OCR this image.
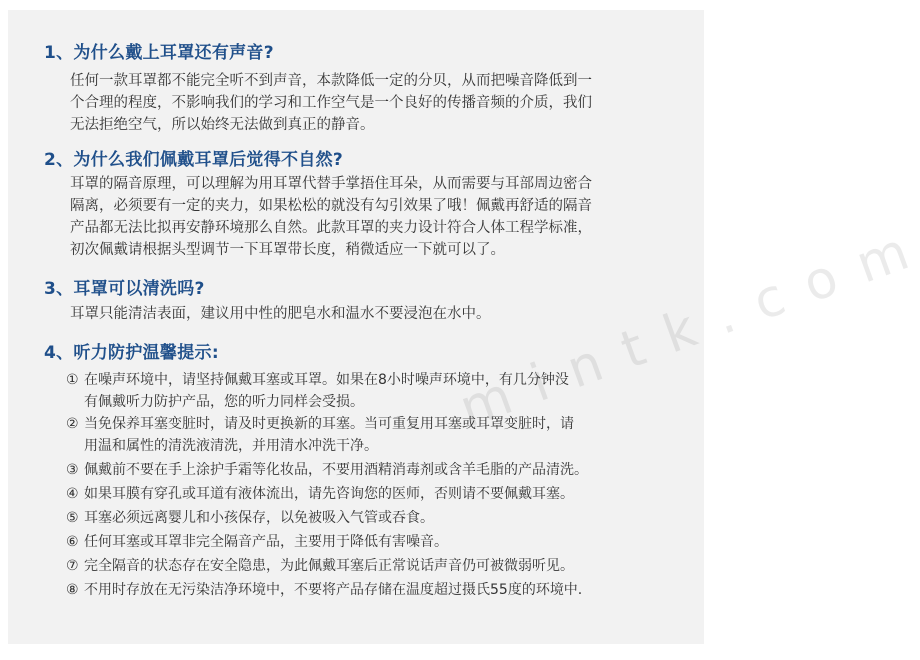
m i n t k . c o m
1、为什么戴上耳罩还有声音?

任何一款耳罩都不能完全听不到声音，本款降低一定的分贝，从而把噪音降低到一

个合理的程度，不影响我们的学习和工作空气是一个良好的传播音频的介质，我们

无法拒绝空气，所以始终无法做到真正的静音。

2、为什么我们佩戴耳罩后觉得不自然?

耳罩的隔音原理，可以理解为用耳罩代替手掌捂住耳朵，从而需要与耳部周边密合

隔离，必须要有一定的夹力，如果松松的就没有勾引效果了哦！佩戴再舒适的隔音

产品都无法比拟再安静环境那么自然。此款耳罩的夹力设计符合人体工程学标准，

初次佩戴请根据头型调节一下耳罩带长度，稍微适应一下就可以了。

3、耳罩可以清洗吗?

耳罩只能清洁表面，建议用中性的肥皂水和温水不要浸泡在水中。

4、听力防护温馨提示:

① 在噪声环境中，请坚持佩戴耳塞或耳罩。如果在8小时噪声环境中，有几分钟没

有佩戴听力防护产品，您的听力同样会受损。

② 当免保养耳塞变脏时，请及时更换新的耳塞。当可重复用耳塞或耳罩变脏时，请

用温和属性的清洗液清洗，并用清水冲洗干净。

③ 佩戴前不要在手上涂护手霜等化妆品，不要用酒精消毒剂或含羊毛脂的产品清洗。

④ 如果耳膜有穿孔或耳道有液体流出，请先咨询您的医师，否则请不要佩戴耳塞。

⑤ 耳塞必须远离婴儿和小孩保存，以免被吸入气管或吞食。

⑥ 任何耳塞或耳罩非完全隔音产品，主要用于降低有害噪音。

⑦ 完全隔音的状态存在安全隐患，为此佩戴耳塞后正常说话声音仍可被微弱听见。

⑧ 不用时存放在无污染洁净环境中，不要将产品存储在温度超过摄氏55度的环境中.
